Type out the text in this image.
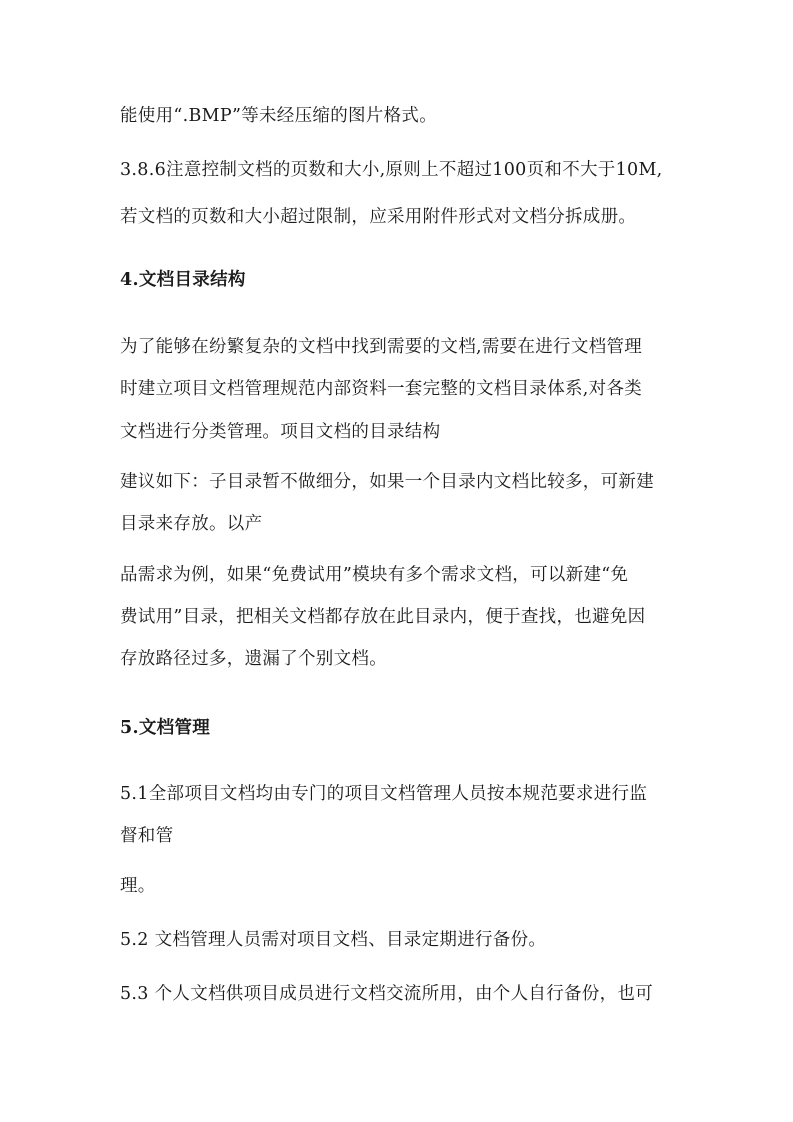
能使用“.BMP”等未经压缩的图片格式。
3.8.6注意控制文档的页数和大小,原则上不超过100页和不大于10M,
若文档的页数和大小超过限制，应采用附件形式对文档分拆成册。
4.文档目录结构
为了能够在纷繁复杂的文档中找到需要的文档,需要在进行文档管理
时建立项目文档管理规范内部资料一套完整的文档目录体系,对各类
文档进行分类管理。项目文档的目录结构
建议如下：子目录暂不做细分，如果一个目录内文档比较多，可新建
目录来存放。以产
品需求为例，如果“免费试用”模块有多个需求文档，可以新建“免
费试用”目录，把相关文档都存放在此目录内，便于查找，也避免因
存放路径过多，遗漏了个别文档。
5.文档管理
5.1全部项目文档均由专门的项目文档管理人员按本规范要求进行监
督和管
理。
5.2 文档管理人员需对项目文档、目录定期进行备份。
5.3 个人文档供项目成员进行文档交流所用，由个人自行备份，也可
